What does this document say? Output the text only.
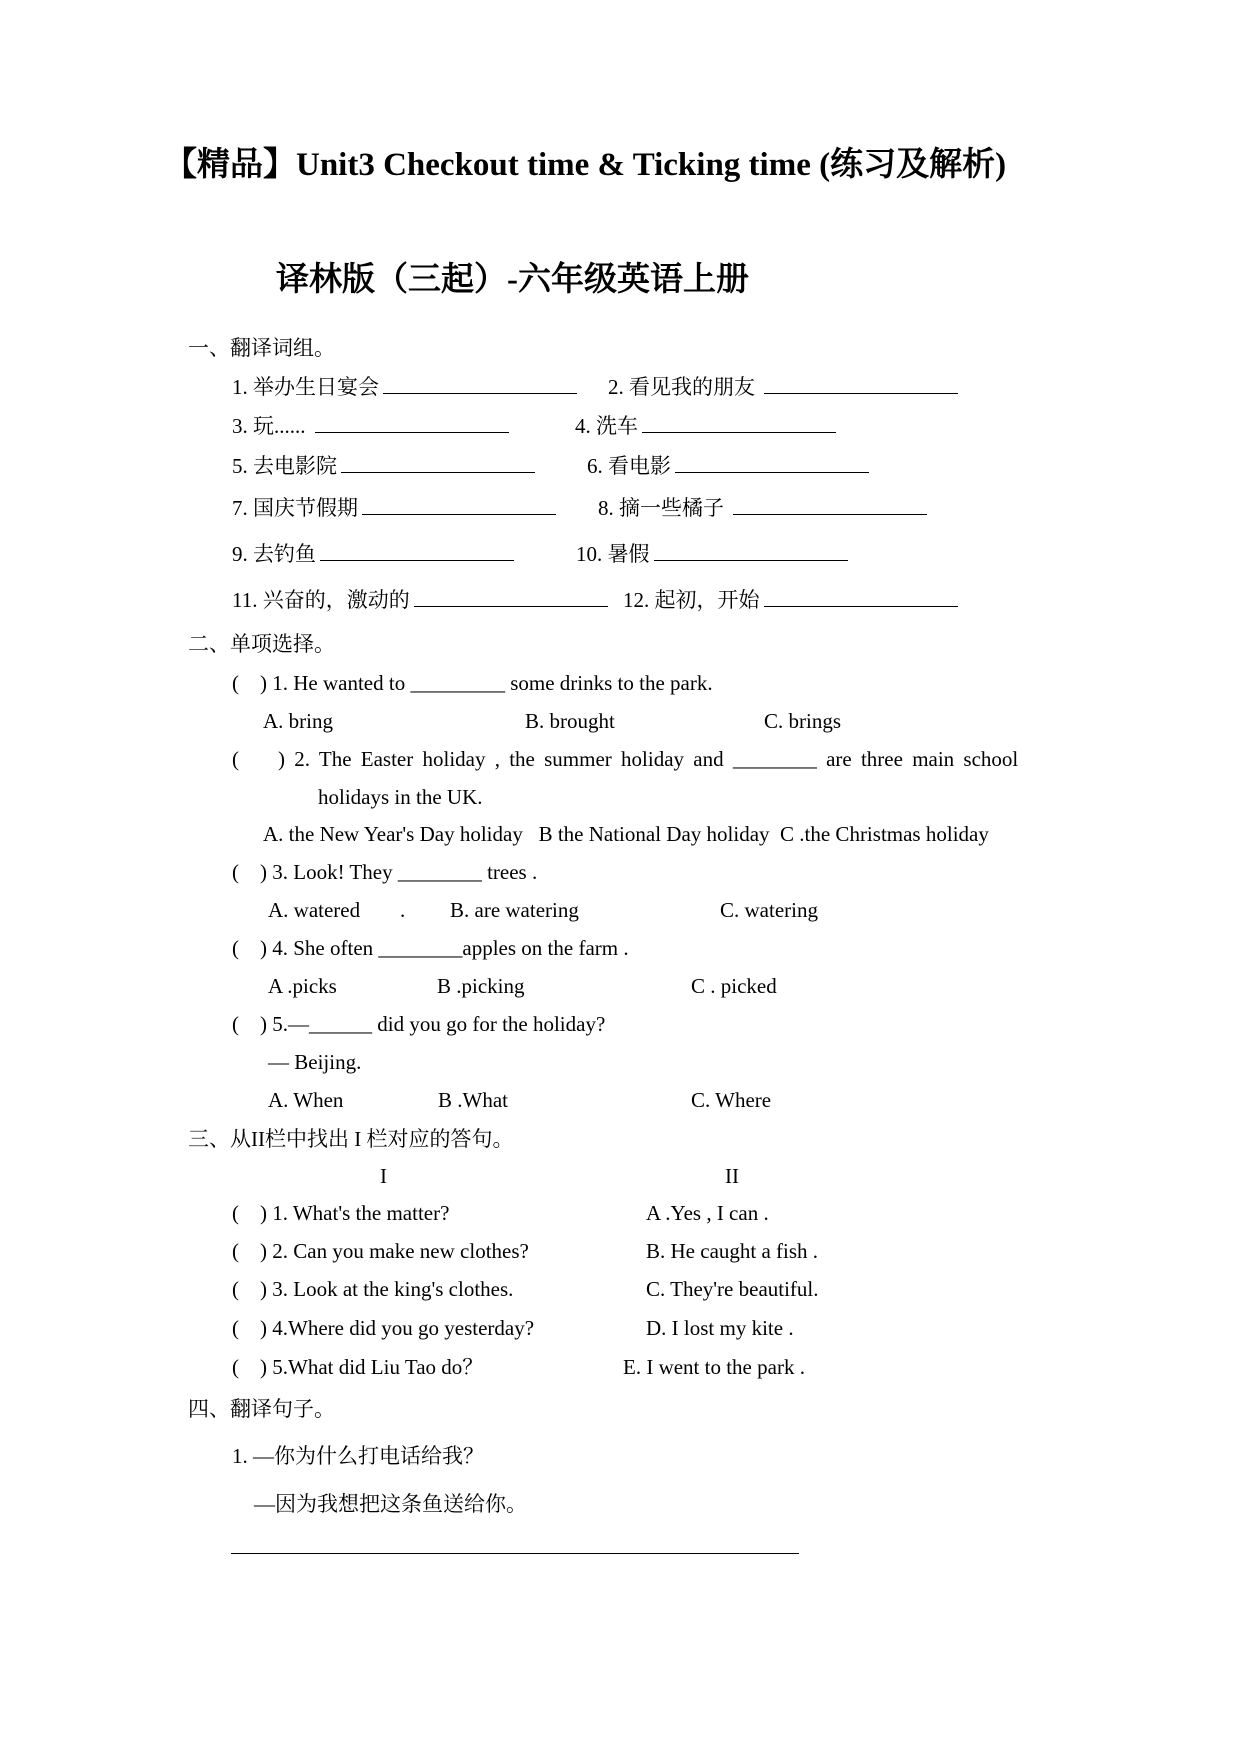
【精品】Unit3 Checkout time & Ticking time (练习及解析)
译林版（三起）-六年级英语上册
一、翻译词组。
1. 举办生日宴会	2. 看见我的朋友
3. 玩......	4. 洗车
5. 去电影院	6. 看电影
7. 国庆节假期	8. 摘一些橘子
9. 去钓鱼	10. 暑假
11. 兴奋的，激动的	12. 起初，开始
二、单项选择。
( ) 1. He wanted to _________ some drinks to the park.
A. bring	B. brought	C. brings
( ) 2. The Easter holiday , the summer holiday and ________ are three main school
holidays in the UK.
A. the New Year's Day holiday   B the National Day holiday  C .the Christmas holiday
( ) 3. Look! They ________ trees .
A. watered . B. are watering	C. watering
( ) 4. She often ________apples on the farm .
A .picks	B .picking	C . picked
( ) 5.—______ did you go for the holiday?
— Beijing.
A. When	B .What	C. Where
三、从II栏中找出 I 栏对应的答句。
I	II
( ) 1. What's the matter?	A .Yes , I can .
( ) 2. Can you make new clothes?	B. He caught a fish .
( ) 3. Look at the king's clothes.	C. They're beautiful.
( ) 4.Where did you go yesterday?	D. I lost my kite .
( ) 5.What did Liu Tao do？	E. I went to the park .
四、翻译句子。
1. —你为什么打电话给我？
—因为我想把这条鱼送给你。
